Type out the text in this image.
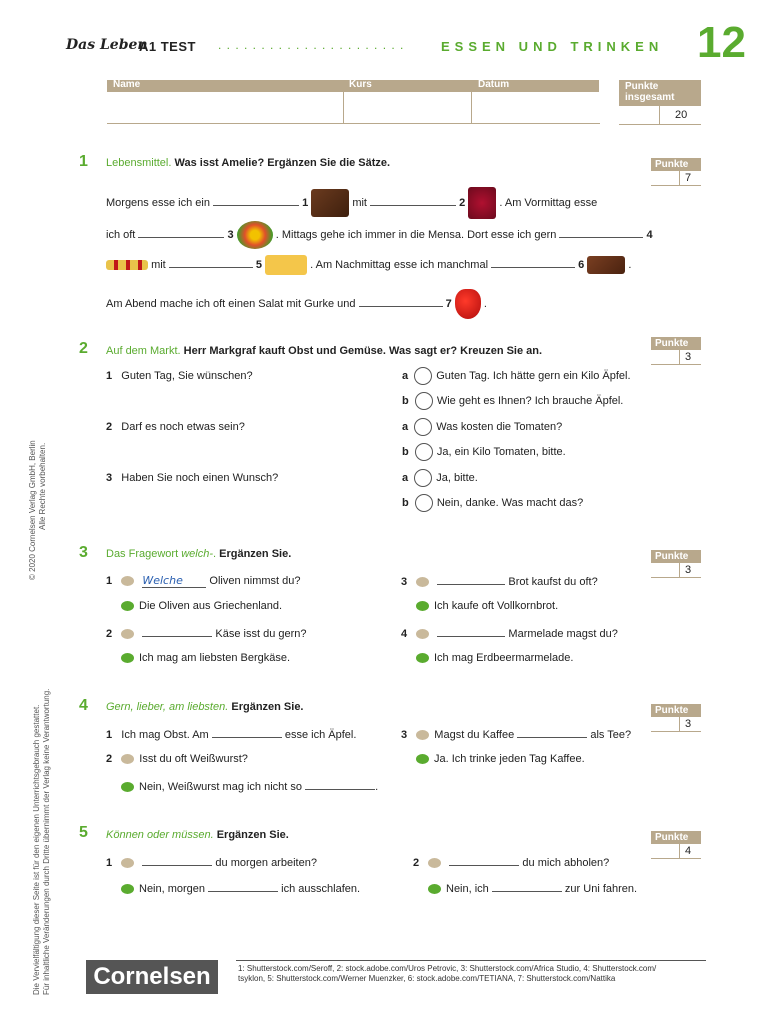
Das Leben
A1 TEST . . . . . . . . . . . . . . . . . . . . . .	ESSEN UND TRINKEN 12
Name	Kurs	Datum	Punkte insgesamt
20
1 Lebensmittel. Was isst Amelie? Ergänzen Sie die Sätze.	Punkte
7
Morgens esse ich ein	1	mit	2	. Am Vormittag esse
ich oft	3	. Mittags gehe ich immer in die Mensa. Dort esse ich gern	4
mit	5	. Am Nachmittag esse ich manchmal	6	.
Am Abend mache ich oft einen Salat mit Gurke und	7	.
2 Auf dem Markt. Herr Markgraf kauft Obst und Gemüse. Was sagt er? Kreuzen Sie an.
Punkte
3
1 Guten Tag, Sie wünschen?	a	Guten Tag. Ich hätte gern ein Kilo Äpfel.
b	Wie geht es Ihnen? Ich brauche Äpfel.
2 Darf es noch etwas sein?	a	Was kosten die Tomaten?
b	Ja, ein Kilo Tomaten, bitte.
3 Haben Sie noch einen Wunsch?	a	Ja, bitte.
b	Nein, danke. Was macht das?
3 Das Fragewort welch-. Ergänzen Sie.	Punkte
3
1	Welche Oliven nimmst du?
Die Oliven aus Griechenland.
2	Käse isst du gern?
Ich mag am liebsten Bergkäse.
3	Brot kaufst du oft?
Ich kaufe oft Vollkornbrot.
4	Marmelade magst du?
Ich mag Erdbeermarmelade.
4 Gern, lieber, am liebsten. Ergänzen Sie.	Punkte
3
1 Ich mag Obst. Am	esse ich Äpfel.
2 Isst du oft Weißwurst?
Nein, Weißwurst mag ich nicht so	.
3 Magst du Kaffee	als Tee?
Ja. Ich trinke jeden Tag Kaffee.
5 Können oder müssen. Ergänzen Sie.	Punkte
4
1	du morgen arbeiten?
Nein, morgen	ich ausschlafen.
2	du mich abholen?
Nein, ich	zur Uni fahren.
Cornelsen	1: Shutterstock.com/Seroff, 2: stock.adobe.com/Uros Petrovic, 3: Shutterstock.com/Africa Studio, 4: Shutterstock.com/
tsyklon, 5: Shutterstock.com/Werner Muenzker, 6: stock.adobe.com/TETIANA, 7: Shutterstock.com/Nattika
© 2020 Cornelsen Verlag GmbH, Berlin Alle Rechte vorbehalten.
Die Vervielfältigung dieser Seite ist für den eigenen Unterrichtsgebrauch gestattet. Für inhaltliche Veränderungen durch Dritte übernimmt der Verlag keine Verantwortung.
